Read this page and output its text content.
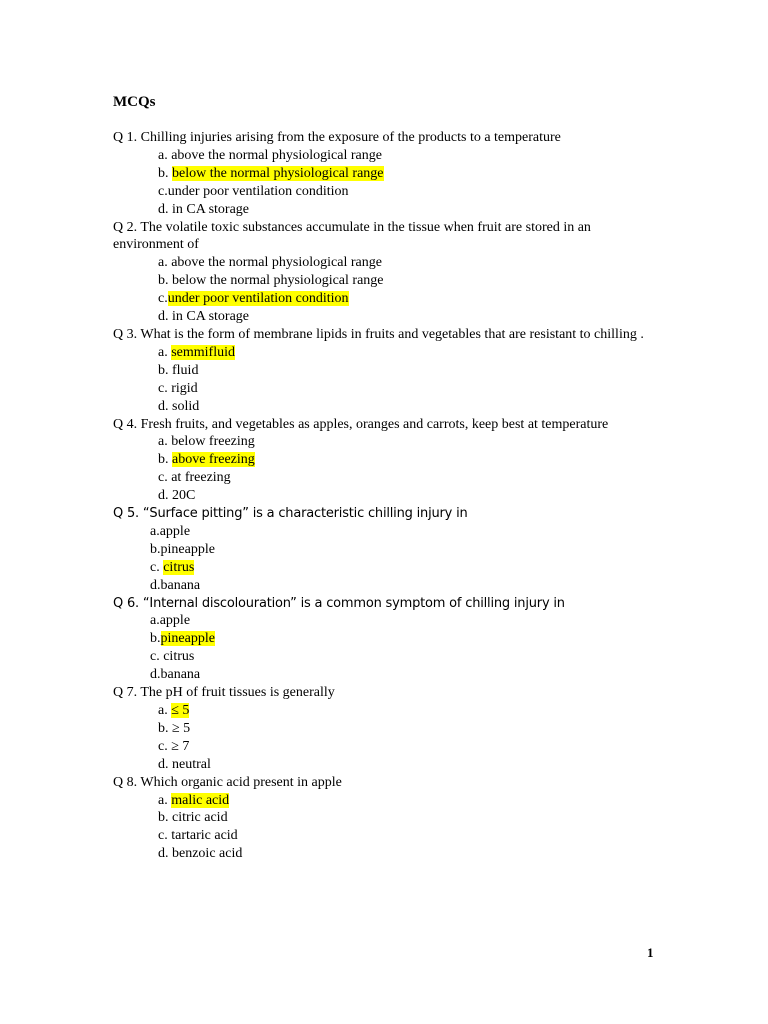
MCQs
Q 1. Chilling injuries arising from the exposure of the products to a temperature
a. above the normal physiological range
b. below the normal physiological range
c.under poor ventilation condition
d. in CA storage
Q 2. The volatile toxic substances accumulate in the tissue when fruit are stored in an environment of
a. above the normal physiological range
b. below the normal physiological range
c.under poor ventilation condition
d. in CA storage
Q 3. What is the form of membrane lipids in fruits and vegetables that are resistant to chilling .
a. semmifluid
b. fluid
c. rigid
d. solid
Q 4. Fresh fruits, and vegetables as apples, oranges and carrots, keep best at temperature
a. below freezing
b. above freezing
c. at freezing
d. 20C
Q 5. “Surface pitting” is a characteristic chilling injury in
a.apple
b.pineapple
c. citrus
d.banana
Q 6. “Internal discolouration” is a common symptom of chilling injury in
a.apple
b.pineapple
c. citrus
d.banana
Q 7. The pH of fruit tissues is generally
a. ≤ 5
b. ≥ 5
c. ≥ 7
d. neutral
Q 8. Which organic acid present in apple
a. malic acid
b. citric acid
c. tartaric acid
d. benzoic acid
1
